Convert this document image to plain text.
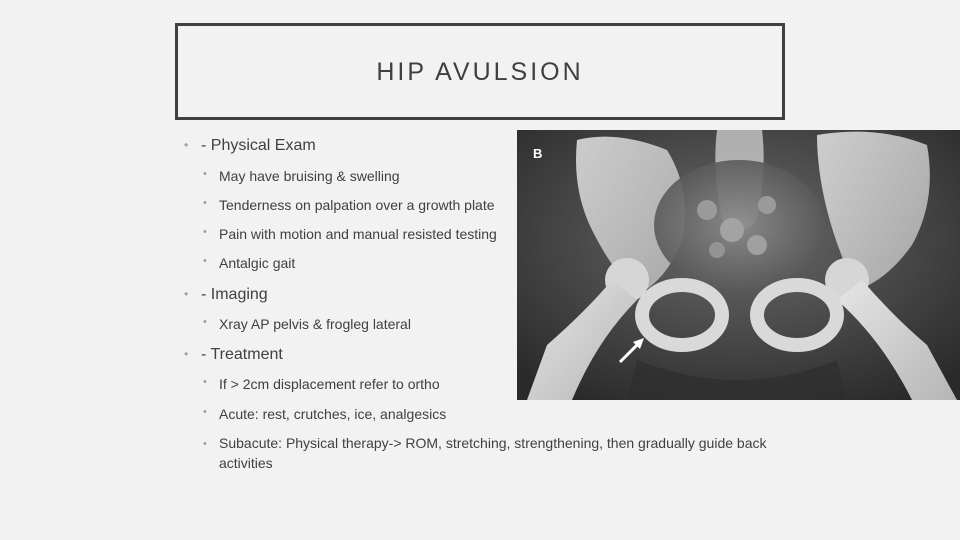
HIP AVULSION
• - Physical Exam
• May have bruising & swelling
• Tenderness on palpation over a growth plate
• Pain with motion and manual resisted testing
• Antalgic gait
• - Imaging
• Xray AP pelvis & frogleg lateral
• - Treatment
• If > 2cm displacement refer to ortho
• Acute: rest, crutches, ice, analgesics
• Subacute: Physical therapy-> ROM, stretching, strengthening, then gradually guide back activities
B
